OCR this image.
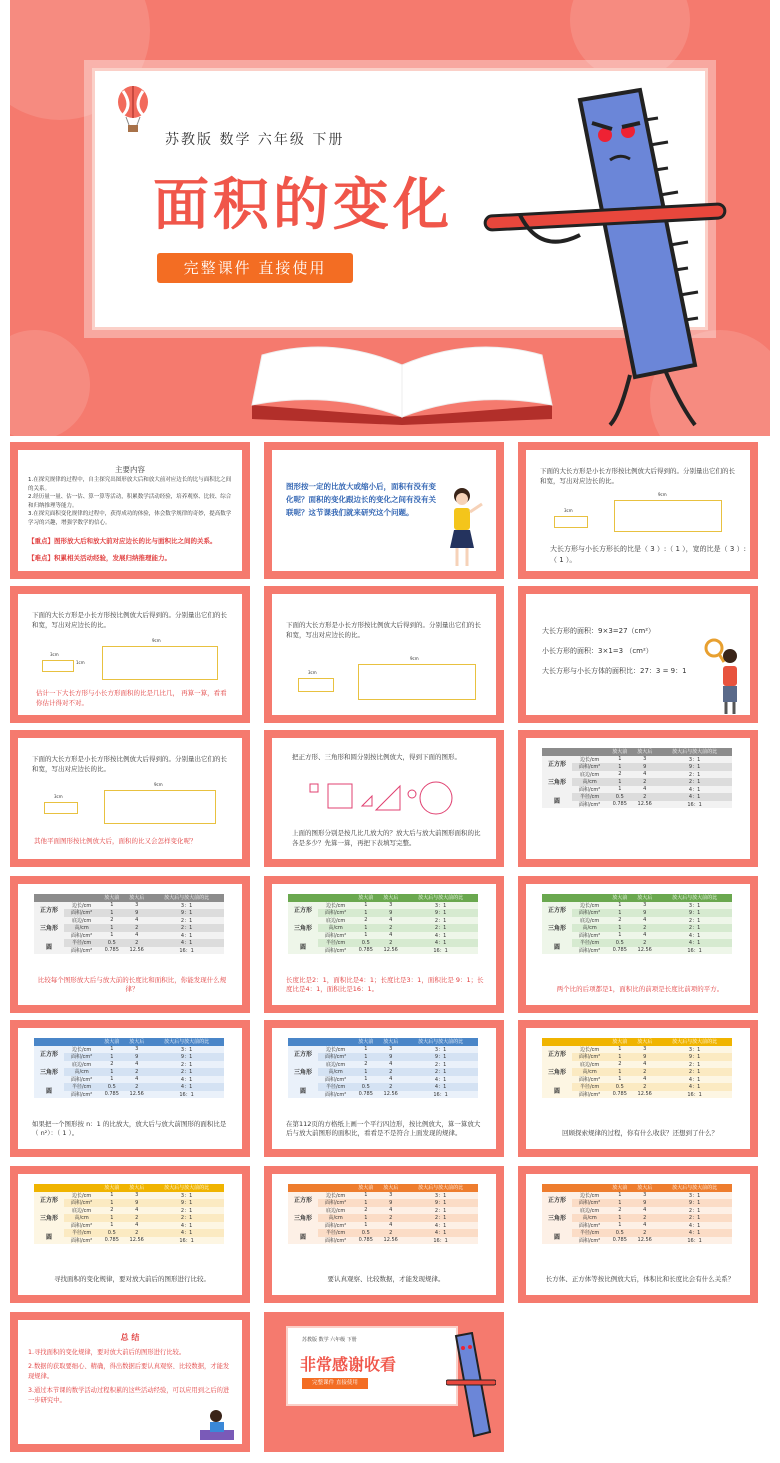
苏教版 数学 六年级 下册
面积的变化
完整课件 直接使用
主要内容
1.在探究规律的过程中，自主探究出图形放大后和放大前对应边长的比与面积比之间的关系。
2.经历量一量、估一估、算一算等活动，积累数学活动经验，培养观察、比较、综合和归纳推理等能力。
3.在探究面积变化规律的过程中，获得成功的体验，体会数学规律的奇妙，提高数学学习的兴趣，增强学数学的信心。
【重点】图形放大后和放大前对应边长的比与面积比之间的关系。
【难点】积累相关活动经验，发展归纳推理能力。
图形按一定的比放大或缩小后，面积有没有变化呢？面积的变化跟边长的变化之间有没有关联呢？这节课我们就来研究这个问题。
下面的大长方形是小长方形按比例放大后得到的。分别量出它们的长和宽，写出对应边长的比。
3cm
9cm
大长方形与小长方形长的比是（ 3 ）:（ 1 ），宽的比是（ 3 ）:（ 1 ）。
下面的大长方形是小长方形按比例放大后得到的。分别量出它们的长和宽，写出对应边长的比。
3cm
1cm
9cm
估计一下大长方形与小长方形面积的比是几比几， 再算一算，看看你估计得对不对。
下面的大长方形是小长方形按比例放大后得到的。分别量出它们的长和宽，写出对应边长的比。
3cm
9cm
大长方形的面积：9×3=27（cm²）
小长方形的面积：3×1=3 （cm²）
大长方形与小长方体的面积比：27：3 = 9：1
下面的大长方形是小长方形按比例放大后得到的。分别量出它们的长和宽，写出对应边长的比。
3cm
9cm
其他平面图形按比例放大后，面积的比又会怎样变化呢？
把正方形、三角形和圆分别按比例放大，得到下面的图形。
上面的图形分别是按几比几放大的？放大后与放大前图形面积的比各是多少？先算一算，再把下表填写完整。
		放大前	放大后	放大后与放大前的比
正方形	边长/cm	1	3	3：1
	面积/cm²	1	9	9：1
三角形	底边/cm	2	4	2：1
	高/cm	1	2	2：1
	面积/cm²	1	4	4：1
圆	半径/cm	0.5	2	4：1
	面积/cm²	0.785	12.56	16：1
		放大前	放大后	放大后与放大前的比
正方形	边长/cm	1	3	3：1
	面积/cm²	1	9	9：1
三角形	底边/cm	2	4	2：1
	高/cm	1	2	2：1
	面积/cm²	1	4	4：1
圆	半径/cm	0.5	2	4：1
	面积/cm²	0.785	12.56	16：1
比较每个图形放大后与放大前的长度比和面积比，你能发现什么规律？
		放大前	放大后	放大后与放大前的比
正方形	边长/cm	1	3	3：1
	面积/cm²	1	9	9：1
三角形	底边/cm	2	4	2：1
	高/cm	1	2	2：1
	面积/cm²	1	4	4：1
圆	半径/cm	0.5	2	4：1
	面积/cm²	0.785	12.56	16：1
长度比是2：1，面积比是4：1；长度比是3：1，面积比是 9：1；长度比是4：1，面积比是16：1。
		放大前	放大后	放大后与放大前的比
正方形	边长/cm	1	3	3：1
	面积/cm²	1	9	9：1
三角形	底边/cm	2	4	2：1
	高/cm	1	2	2：1
	面积/cm²	1	4	4：1
圆	半径/cm	0.5	2	4：1
	面积/cm²	0.785	12.56	16：1
两个比的后项都是1，面积比的前项是长度比前项的平方。
		放大前	放大后	放大后与放大前的比
正方形	边长/cm	1	3	3：1
	面积/cm²	1	9	9：1
三角形	底边/cm	2	4	2：1
	高/cm	1	2	2：1
	面积/cm²	1	4	4：1
圆	半径/cm	0.5	2	4：1
	面积/cm²	0.785	12.56	16：1
如果把一个图形按 n：1 的比放大，放大后与放大前图形的面积比是（ n²）：（ 1 ）。
		放大前	放大后	放大后与放大前的比
正方形	边长/cm	1	3	3：1
	面积/cm²	1	9	9：1
三角形	底边/cm	2	4	2：1
	高/cm	1	2	2：1
	面积/cm²	1	4	4：1
圆	半径/cm	0.5	2	4：1
	面积/cm²	0.785	12.56	16：1
在第112页的方格纸上画一个平行四边形，按比例放大，算一算放大后与放大前图形的面积比，看看是不是符合上面发现的规律。
		放大前	放大后	放大后与放大前的比
正方形	边长/cm	1	3	3：1
	面积/cm²	1	9	9：1
三角形	底边/cm	2	4	2：1
	高/cm	1	2	2：1
	面积/cm²	1	4	4：1
圆	半径/cm	0.5	2	4：1
	面积/cm²	0.785	12.56	16：1
回顾探索规律的过程，你有什么收获？还想到了什么？
		放大前	放大后	放大后与放大前的比
正方形	边长/cm	1	3	3：1
	面积/cm²	1	9	9：1
三角形	底边/cm	2	4	2：1
	高/cm	1	2	2：1
	面积/cm²	1	4	4：1
圆	半径/cm	0.5	2	4：1
	面积/cm²	0.785	12.56	16：1
寻找面积的变化规律，要对放大前后的图形进行比较。
		放大前	放大后	放大后与放大前的比
正方形	边长/cm	1	3	3：1
	面积/cm²	1	9	9：1
三角形	底边/cm	2	4	2：1
	高/cm	1	2	2：1
	面积/cm²	1	4	4：1
圆	半径/cm	0.5	2	4：1
	面积/cm²	0.785	12.56	16：1
要认真观察、比较数据，才能发现规律。
		放大前	放大后	放大后与放大前的比
正方形	边长/cm	1	3	3：1
	面积/cm²	1	9	9：1
三角形	底边/cm	2	4	2：1
	高/cm	1	2	2：1
	面积/cm²	1	4	4：1
圆	半径/cm	0.5	2	4：1
	面积/cm²	0.785	12.56	16：1
长方体、正方体等按比例放大后，体积比和长度比会有什么关系？
总 结
1.寻找面积的变化规律，要对放大前后的图形进行比较。
2.数据的获取要细心、精确，得出数据后要认真观察、比较数据，才能发现规律。
3.通过本节课的数学活动过程积累的这些活动经验，可以应用到之后的进一步研究中。
苏教版 数学 六年级 下册
非常感谢收看
完整课件 直接使用
